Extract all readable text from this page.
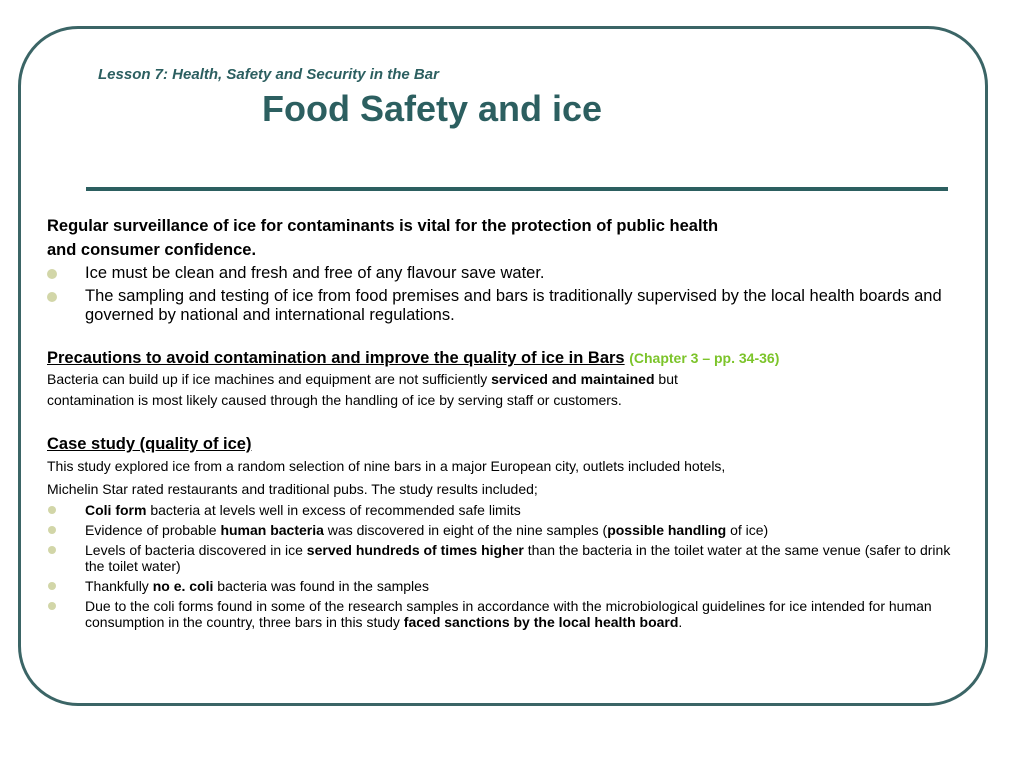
Lesson 7: Health, Safety and Security in the Bar
Food Safety and ice

Regular surveillance of ice for contaminants is vital for the protection of public health
and consumer confidence.

Ice must be clean and fresh and free of any flavour save water.
The sampling and testing of ice from food premises and bars is traditionally supervised by the local health boards and governed by national and international regulations.

Precautions to avoid contamination and improve the quality of ice in Bars (Chapter 3 – pp. 34-36)

Bacteria can build up if ice machines and equipment are not sufficiently serviced and maintained but
contamination is most likely caused through the handling of ice by serving staff or customers.

Case study (quality of ice)

This study explored ice from a random selection of nine bars in a major European city, outlets included hotels,
Michelin Star rated restaurants and traditional pubs. The study results included;

Coli form bacteria at levels well in excess of recommended safe limits
Evidence of probable human bacteria was discovered in eight of the nine samples (possible handling of ice)
Levels of bacteria discovered in ice served hundreds of times higher than the bacteria in the toilet water at the same venue (safer to drink the toilet water)
Thankfully no e. coli bacteria was found in the samples
Due to the coli forms found in some of the research samples in accordance with the microbiological guidelines for ice intended for human consumption in the country, three bars in this study faced sanctions by the local health board.
